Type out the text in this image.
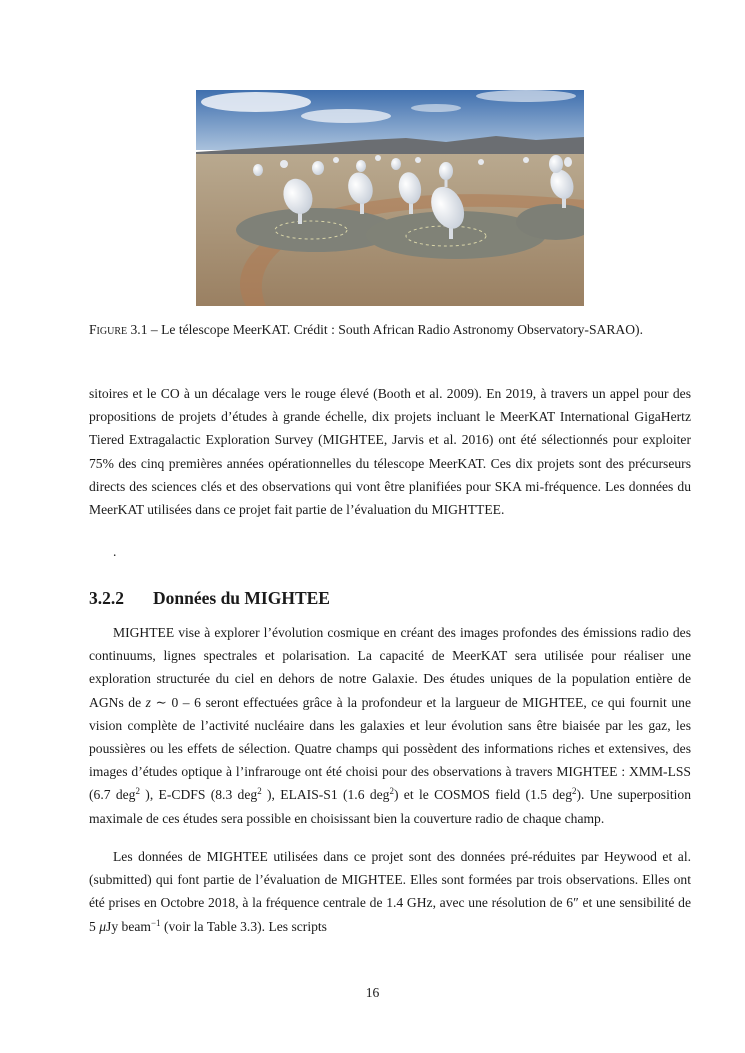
Figure 3.1 – Le télescope MeerKAT. Crédit : South African Radio Astronomy Observatory-SARAO).

sitoires et le CO à un décalage vers le rouge élevé (Booth et al. 2009). En 2019, à travers un appel pour des propositions de projets d’études à grande échelle, dix projets incluant le MeerKAT International GigaHertz Tiered Extragalactic Exploration Survey (MIGHTEE, Jarvis et al. 2016) ont été sélectionnés pour exploiter 75% des cinq premières années opérationnelles du télescope MeerKAT. Ces dix projets sont des précurseurs directs des sciences clés et des observations qui vont être planifiées pour SKA mi-fréquence. Les données du MeerKAT utilisées dans ce projet fait partie de l’évaluation du MIGHTTEE.

.

3.2.2 Données du MIGHTEE

MIGHTEE vise à explorer l’évolution cosmique en créant des images profondes des émissions radio des continuums, lignes spectrales et polarisation. La capacité de MeerKAT sera utilisée pour réaliser une exploration structurée du ciel en dehors de notre Galaxie. Des études uniques de la population entière de AGNs de z ∼ 0 – 6 seront effectuées grâce à la profondeur et la largueur de MIGHTEE, ce qui fournit une vision complète de l’activité nucléaire dans les galaxies et leur évolution sans être biaisée par les gaz, les poussières ou les effets de sélection. Quatre champs qui possèdent des informations riches et extensives, des images d’études optique à l’infrarouge ont été choisi pour des observations à travers MIGHTEE : XMM-LSS (6.7 deg$^2$ ), E-CDFS (8.3 deg$^2$ ), ELAIS-S1 (1.6 deg$^2$) et le COSMOS field (1.5 deg$^2$). Une superposition maximale de ces études sera possible en choisissant bien la couverture radio de chaque champ.

Les données de MIGHTEE utilisées dans ce projet sont des données pré-réduites par Heywood et al. (submitted) qui font partie de l’évaluation de MIGHTEE. Elles sont formées par trois observations. Elles ont été prises en Octobre 2018, à la fréquence centrale de 1.4 GHz, avec une résolution de 6″ et une sensibilité de 5 μJy beam$^{-1}$ (voir la Table 3.3). Les scripts

16
